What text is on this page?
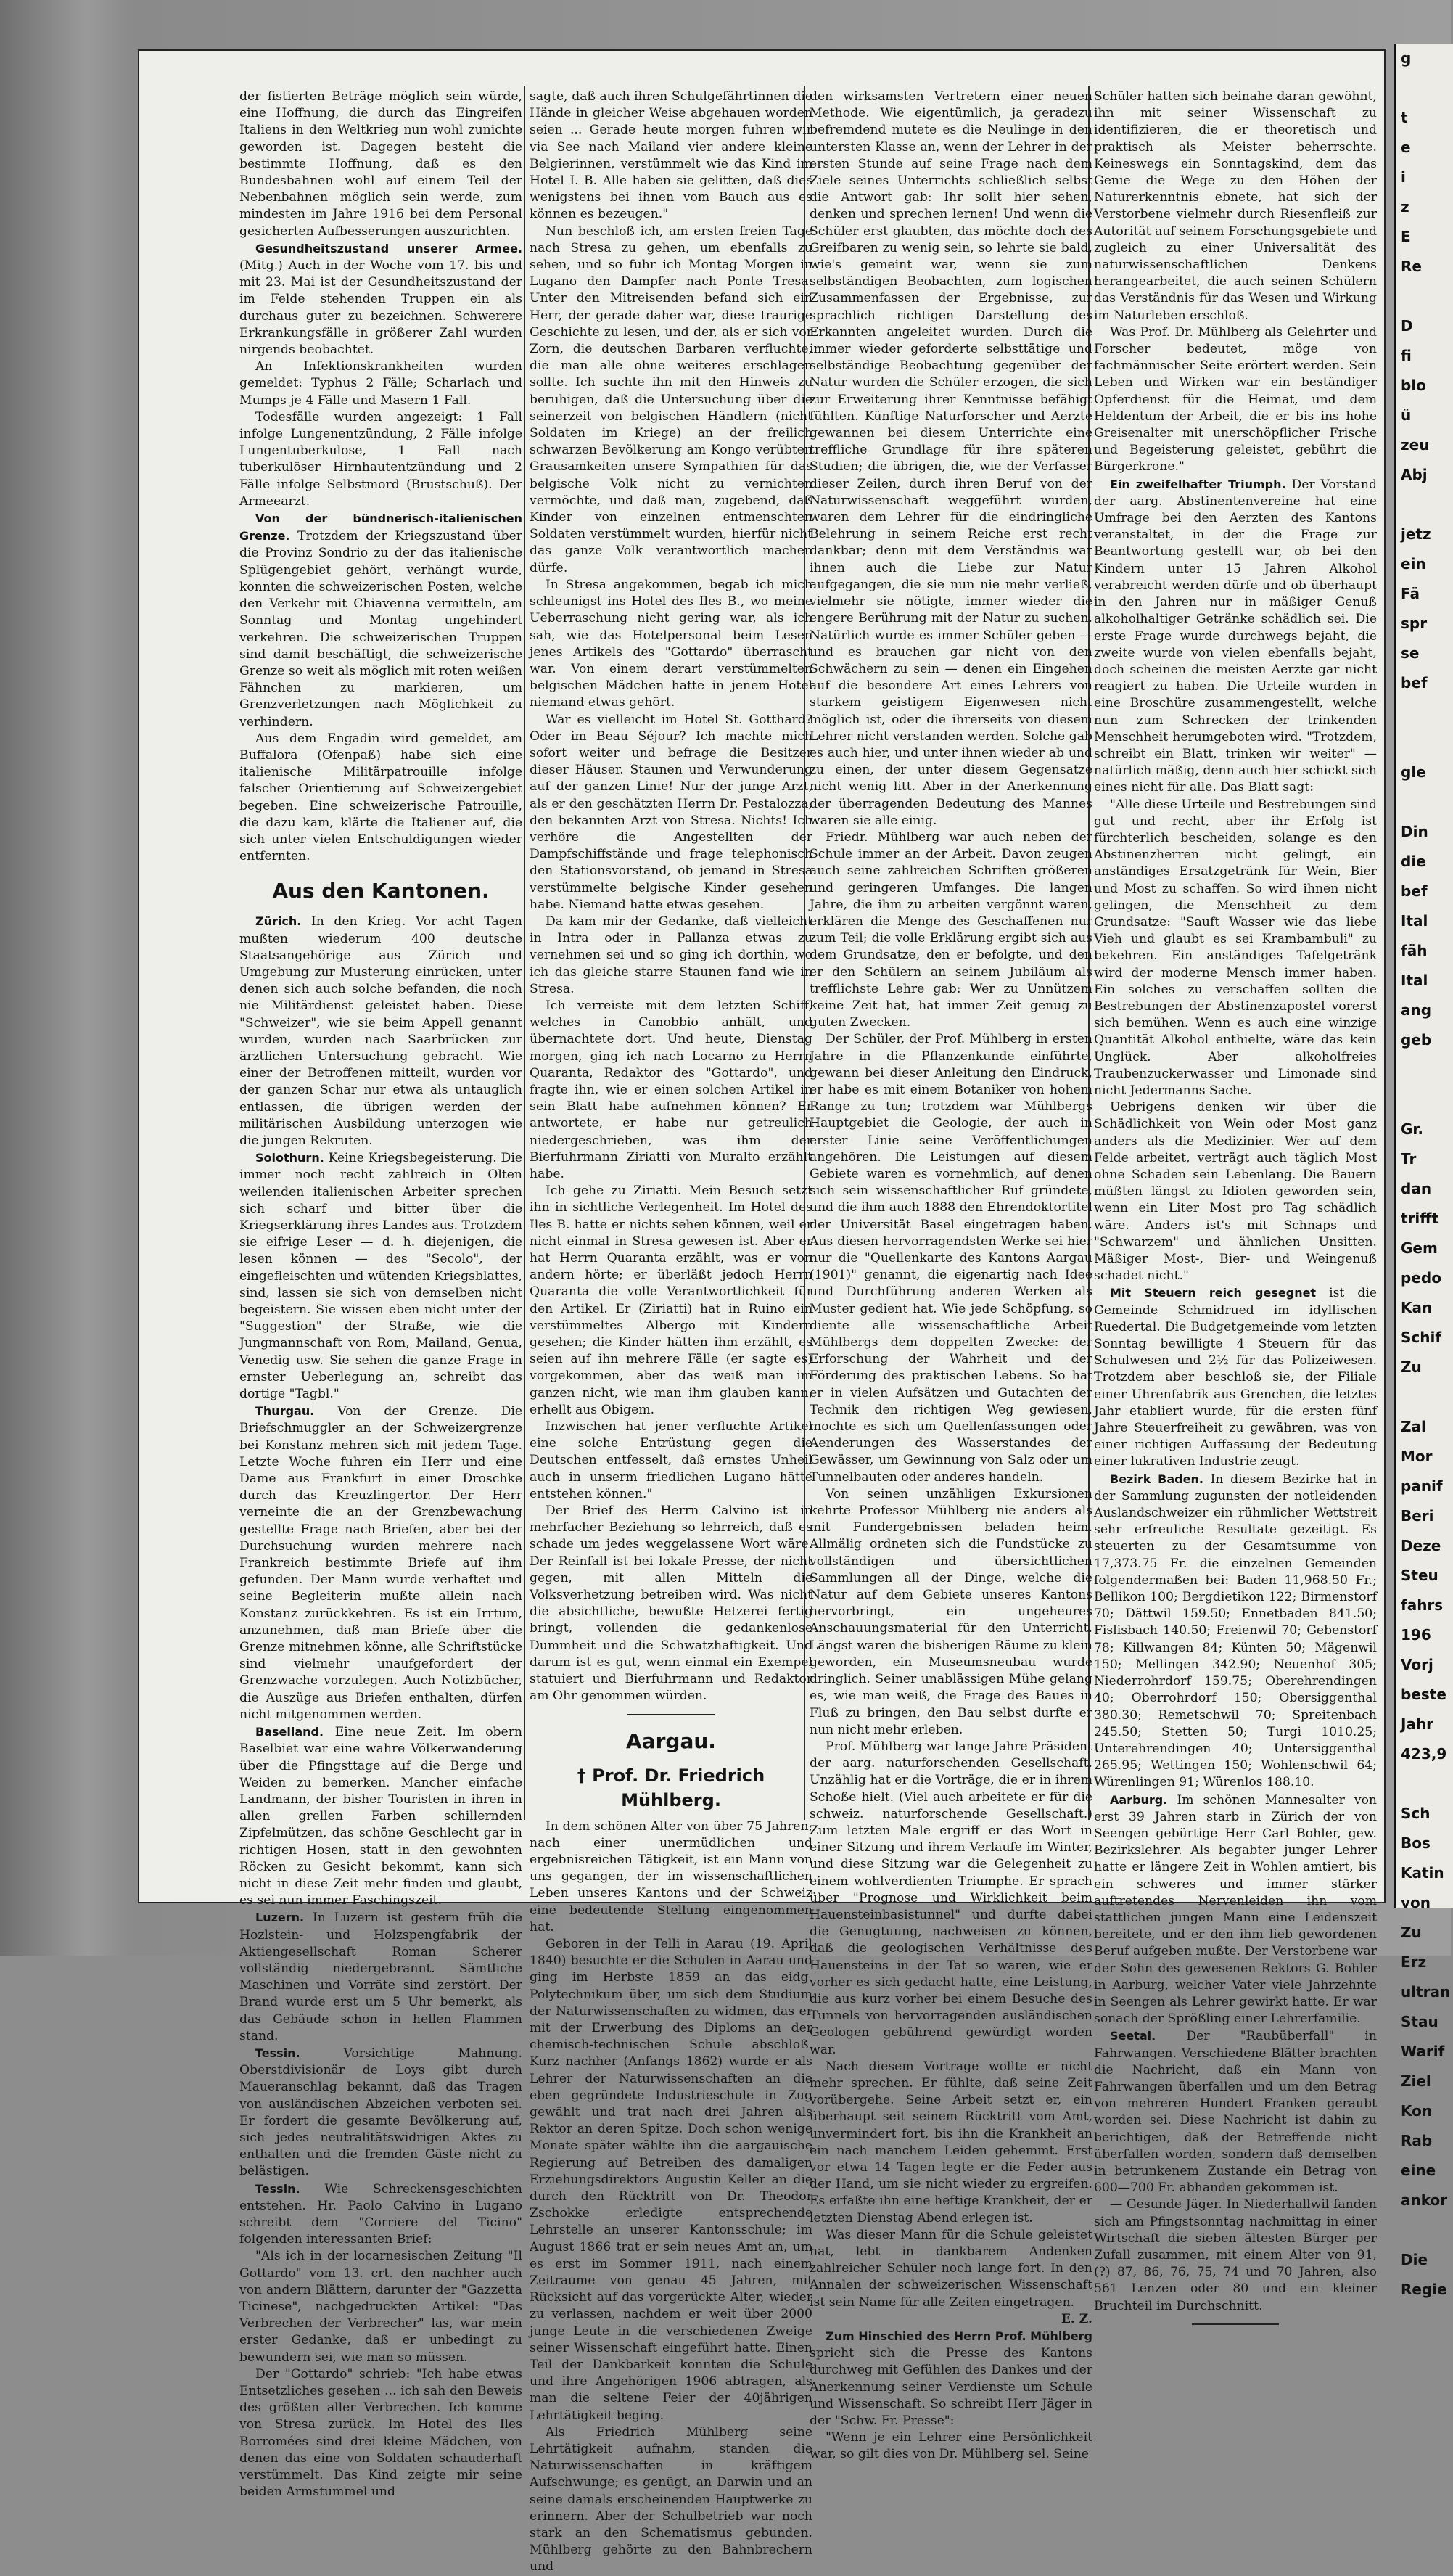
g

t
e
i
z
E
Re

D
fi
blo
ü
zeu
Abj

jetz
ein
Fä
spr
se
bef

gle

Din
die
bef
Ital
fäh
Ital
ang
geb

Gr.
Tr
dan
trifft
Gem
pedo
Kan
Schif
Zu

Zal
Mor
panif
Beri
Deze
Steu
fahrs
196
Vorj
beste
Jahr
423,9

Sch
Bos
Katin
von
Zu
Erz
ultran
Stau
Warif
Ziel
Kon
Rab
eine
ankor

Die
Regie

der fistierten Beträge möglich sein würde, eine Hoffnung, die durch das Eingreifen Italiens in den Weltkrieg nun wohl zunichte geworden ist. Dagegen besteht die bestimmte Hoffnung, daß es den Bundesbahnen wohl auf einem Teil der Nebenbahnen möglich sein werde, zum mindesten im Jahre 1916 bei dem Personal gesicherten Aufbesserungen auszurichten.

Gesundheitszustand unserer Armee. (Mitg.) Auch in der Woche vom 17. bis und mit 23. Mai ist der Gesundheitszustand der im Felde stehenden Truppen ein als durchaus guter zu bezeichnen. Schwerere Erkrankungsfälle in größerer Zahl wurden nirgends beobachtet.

An Infektionskrankheiten wurden gemeldet: Typhus 2 Fälle; Scharlach und Mumps je 4 Fälle und Masern 1 Fall.

Todesfälle wurden angezeigt: 1 Fall infolge Lungenentzündung, 2 Fälle infolge Lungentuberkulose, 1 Fall nach tuberkulöser Hirnhautentzündung und 2 Fälle infolge Selbstmord (Brustschuß). Der Armeearzt.

Von der bündnerisch-italienischen Grenze. Trotzdem der Kriegszustand über die Provinz Sondrio zu der das italienische Splügengebiet gehört, verhängt wurde, konnten die schweizerischen Posten, welche den Verkehr mit Chiavenna vermitteln, am Sonntag und Montag ungehindert verkehren. Die schweizerischen Truppen sind damit beschäftigt, die schweizerische Grenze so weit als möglich mit roten weißen Fähnchen zu markieren, um Grenzverletzungen nach Möglichkeit zu verhindern.

Aus dem Engadin wird gemeldet, am Buffalora (Ofenpaß) habe sich eine italienische Militärpatrouille infolge falscher Orientierung auf Schweizergebiet begeben. Eine schweizerische Patrouille, die dazu kam, klärte die Italiener auf, die sich unter vielen Entschuldigungen wieder entfernten.

Aus den Kantonen.

Zürich. In den Krieg. Vor acht Tagen mußten wiederum 400 deutsche Staatsangehörige aus Zürich und Umgebung zur Musterung einrücken, unter denen sich auch solche befanden, die noch nie Militärdienst geleistet haben. Diese "Schweizer", wie sie beim Appell genannt wurden, wurden nach Saarbrücken zur ärztlichen Untersuchung gebracht. Wie einer der Betroffenen mitteilt, wurden vor der ganzen Schar nur etwa als untauglich entlassen, die übrigen werden der militärischen Ausbildung unterzogen wie die jungen Rekruten.

Solothurn. Keine Kriegsbegeisterung. Die immer noch recht zahlreich in Olten weilenden italienischen Arbeiter sprechen sich scharf und bitter über die Kriegserklärung ihres Landes aus. Trotzdem sie eifrige Leser — d. h. diejenigen, die lesen können — des "Secolo", der eingefleischten und wütenden Kriegsblattes, sind, lassen sie sich von demselben nicht begeistern. Sie wissen eben nicht unter der "Suggestion" der Straße, wie die Jungmannschaft von Rom, Mailand, Genua, Venedig usw. Sie sehen die ganze Frage in ernster Ueberlegung an, schreibt das dortige "Tagbl."

Thurgau. Von der Grenze. Die Briefschmuggler an der Schweizergrenze bei Konstanz mehren sich mit jedem Tage. Letzte Woche fuhren ein Herr und eine Dame aus Frankfurt in einer Droschke durch das Kreuzlingertor. Der Herr verneinte die an der Grenzbewachung gestellte Frage nach Briefen, aber bei der Durchsuchung wurden mehrere nach Frankreich bestimmte Briefe auf ihm gefunden. Der Mann wurde verhaftet und seine Begleiterin mußte allein nach Konstanz zurückkehren. Es ist ein Irrtum, anzunehmen, daß man Briefe über die Grenze mitnehmen könne, alle Schriftstücke sind vielmehr unaufgefordert der Grenzwache vorzulegen. Auch Notizbücher, die Auszüge aus Briefen enthalten, dürfen nicht mitgenommen werden.

Baselland. Eine neue Zeit. Im obern Baselbiet war eine wahre Völkerwanderung über die Pfingsttage auf die Berge und Weiden zu bemerken. Mancher einfache Landmann, der bisher Touristen in ihren in allen grellen Farben schillernden Zipfelmützen, das schöne Geschlecht gar in richtigen Hosen, statt in den gewohnten Röcken zu Gesicht bekommt, kann sich nicht in diese Zeit mehr finden und glaubt, es sei nun immer Faschingszeit.

Luzern. In Luzern ist gestern früh die Hozlstein- und Holzspengfabrik der Aktiengesellschaft Roman Scherer vollständig niedergebrannt. Sämtliche Maschinen und Vorräte sind zerstört. Der Brand wurde erst um 5 Uhr bemerkt, als das Gebäude schon in hellen Flammen stand.

Tessin.	Vorsichtige Mahnung. Oberstdivisionär de Loys gibt durch Maueranschlag bekannt, daß das Tragen von ausländischen Abzeichen verboten sei. Er fordert die gesamte Bevölkerung auf, sich jedes neutralitätswidrigen Aktes zu enthalten und die fremden Gäste nicht zu belästigen.

Tessin. Wie Schreckensgeschichten entstehen. Hr. Paolo Calvino in Lugano schreibt dem "Corriere del Ticino" folgenden interessanten Brief:

"Als ich in der locarnesischen Zeitung "Il Gottardo" vom 13. crt. den nachher auch von andern Blättern, darunter der "Gazzetta Ticinese", nachgedruckten Artikel: "Das Verbrechen der Verbrecher" las, war mein erster Gedanke, daß er unbedingt zu bewundern sei, wie man so müssen.

Der "Gottardo" schrieb: "Ich habe etwas Entsetzliches gesehen ... ich sah den Beweis des größten aller Verbrechen. Ich komme von Stresa zurück. Im Hotel des Iles Borromées sind drei kleine Mädchen, von denen das eine von Soldaten schauderhaft verstümmelt. Das Kind zeigte mir seine beiden Armstummel und

sagte, daß auch ihren Schulgefährtinnen die Hände in gleicher Weise abgehauen worden seien ... Gerade heute morgen fuhren wir via See nach Mailand vier andere kleine Belgierinnen, verstümmelt wie das Kind im Hotel I. B. Alle haben sie gelitten, daß dies wenigstens bei ihnen vom Bauch aus es können es bezeugen."

Nun beschloß ich, am ersten freien Tage nach Stresa zu gehen, um ebenfalls zu sehen, und so fuhr ich Montag Morgen in Lugano den Dampfer nach Ponte Tresa. Unter den Mitreisenden befand sich ein Herr, der gerade daher war, diese traurige Geschichte zu lesen, und der, als er sich vor Zorn, die deutschen Barbaren verfluchte, die man alle ohne weiteres erschlagen sollte. Ich suchte ihn mit den Hinweis zu beruhigen, daß die Untersuchung über die seinerzeit von belgischen Händlern (nicht Soldaten im Kriege) an der freilich schwarzen Bevölkerung am Kongo verübten Grausamkeiten unsere Sympathien für das belgische Volk nicht zu vernichten vermöchte, und daß man, zugebend, daß Kinder von einzelnen entmenschten Soldaten verstümmelt wurden, hierfür nicht das ganze Volk verantwortlich machen dürfe.

In Stresa angekommen, begab ich mich schleunigst ins Hotel des Iles B., wo meine Ueberraschung nicht gering war, als ich sah, wie das Hotelpersonal beim Lesen jenes Artikels des "Gottardo" überrascht war. Von einem derart verstümmelten belgischen Mädchen hatte in jenem Hotel niemand etwas gehört.

War es vielleicht im Hotel St. Gotthard? Oder im Beau Séjour? Ich machte mich sofort weiter und befrage die Besitzer dieser Häuser. Staunen und Verwunderung auf der ganzen Linie! Nur der junge Arzt, als er den geschätzten Herrn Dr. Pestalozza, den bekannten Arzt von Stresa. Nichts! Ich verhöre die Angestellten der Dampfschiffstände und frage telephonisch den Stationsvorstand, ob jemand in Stresa verstümmelte belgische Kinder gesehen habe. Niemand hatte etwas gesehen.

Da kam mir der Gedanke, daß vielleicht in Intra oder in Pallanza etwas zu vernehmen sei und so ging ich dorthin, wo ich das gleiche starre Staunen fand wie in Stresa.

Ich verreiste mit dem letzten Schiff, welches in Canobbio anhält, und übernachtete dort. Und heute, Dienstag morgen, ging ich nach Locarno zu Herrn Quaranta, Redaktor des "Gottardo", und fragte ihn, wie er einen solchen Artikel in sein Blatt habe aufnehmen können? Er antwortete, er habe nur getreulich niedergeschrieben, was ihm der Bierfuhrmann Ziriatti von Muralto erzählt habe.

Ich gehe zu Ziriatti. Mein Besuch setzt ihn in sichtliche Verlegenheit. Im Hotel des Iles B. hatte er nichts sehen können, weil er nicht einmal in Stresa gewesen ist. Aber er hat Herrn Quaranta erzählt, was er von andern hörte; er überläßt jedoch Herrn Quaranta die volle Verantwortlichkeit für den Artikel. Er (Ziriatti) hat in Ruino ein verstümmeltes Albergo mit Kindern gesehen; die Kinder hätten ihm erzählt, es seien auf ihn mehrere Fälle (er sagte es) vorgekommen, aber das weiß man im ganzen nicht, wie man ihm glauben kann, erhellt aus Obigem.

Inzwischen hat jener verfluchte Artikel eine solche Entrüstung gegen die Deutschen entfesselt, daß ernstes Unheil auch in unserm friedlichen Lugano hätte entstehen können."

Der Brief des Herrn Calvino ist in mehrfacher Beziehung so lehrreich, daß es schade um jedes weggelassene Wort wäre. Der Reinfall ist bei lokale Presse, der nicht gegen, mit allen Mitteln die Volksverhetzung betreiben wird. Was nicht die absichtliche, bewußte Hetzerei fertig bringt, vollenden die gedankenlose Dummheit und die Schwatzhaftigkeit. Und darum ist es gut, wenn einmal ein Exempel statuiert und Bierfuhrmann und Redaktor am Ohr genommen würden.

Aargau.
† Prof. Dr. Friedrich Mühlberg.

In dem schönen Alter von über 75 Jahren, nach einer unermüdlichen und ergebnisreichen Tätigkeit, ist ein Mann von uns gegangen, der im wissenschaftlichen Leben unseres Kantons und der Schweiz eine bedeutende Stellung eingenommen hat.

Geboren in der Telli in Aarau (19. April 1840) besuchte er die Schulen in Aarau und ging im Herbste 1859 an das eidg. Polytechnikum über, um sich dem Studium der Naturwissenschaften zu widmen, das er mit der Erwerbung des Diploms an der chemisch-technischen Schule abschloß. Kurz nachher (Anfangs 1862) wurde er als Lehrer der Naturwissenschaften an die eben gegründete Industrieschule in Zug gewählt und trat nach drei Jahren als Rektor an deren Spitze. Doch schon wenige Monate später wählte ihn die aargauische Regierung auf Betreiben des damaligen Erziehungsdirektors Augustin Keller an die durch den Rücktritt von Dr. Theodor Zschokke erledigte entsprechende Lehrstelle an unserer Kantonsschule; im August 1866 trat er sein neues Amt an, um es erst im Sommer 1911, nach einem Zeitraume von genau 45 Jahren, mit Rücksicht auf das vorgerückte Alter, wieder zu verlassen, nachdem er weit über 2000 junge Leute in die verschiedenen Zweige seiner Wissenschaft eingeführt hatte. Einen Teil der Dankbarkeit konnten die Schule und ihre Angehörigen 1906 abtragen, als man die seltene Feier der 40jährigen Lehrtätigkeit beging.

Als Friedrich Mühlberg seine Lehrtätigkeit aufnahm, standen die Naturwissenschaften in kräftigem Aufschwunge; es genügt, an Darwin und an seine damals erscheinenden Hauptwerke zu erinnern. Aber der Schulbetrieb war noch stark an den Schematismus gebunden. Mühlberg gehörte zu den Bahnbrechern und

den wirksamsten Vertretern einer neuen Methode. Wie eigentümlich, ja geradezu befremdend mutete es die Neulinge in den untersten Klasse an, wenn der Lehrer in der ersten Stunde auf seine Frage nach dem Ziele seines Unterrichts schließlich selbst die Antwort gab: Ihr sollt hier sehen, denken und sprechen lernen! Und wenn die Schüler erst glaubten, das möchte doch des Greifbaren zu wenig sein, so lehrte sie bald, wie's gemeint war, wenn sie zum selbständigen Beobachten, zum logischen Zusammenfassen der Ergebnisse, zur sprachlich richtigen Darstellung des Erkannten angeleitet wurden. Durch die immer wieder geforderte selbsttätige und selbständige Beobachtung gegenüber der Natur wurden die Schüler erzogen, die sich zur Erweiterung ihrer Kenntnisse befähigt fühlten. Künftige Naturforscher und Aerzte gewannen bei diesem Unterrichte eine treffliche Grundlage für ihre späteren Studien; die übrigen, die, wie der Verfasser dieser Zeilen, durch ihren Beruf von der Naturwissenschaft weggeführt wurden, waren dem Lehrer für die eindringliche Belehrung in seinem Reiche erst recht dankbar; denn mit dem Verständnis war ihnen auch die Liebe zur Natur aufgegangen, die sie nun nie mehr verließ, vielmehr sie nötigte, immer wieder die engere Berührung mit der Natur zu suchen. Natürlich wurde es immer Schüler geben — und es brauchen gar nicht von den Schwächern zu sein — denen ein Eingehen auf die besondere Art eines Lehrers von starkem geistigem Eigenwesen nicht möglich ist, oder die ihrerseits von diesem Lehrer nicht verstanden werden. Solche gab es auch hier, und unter ihnen wieder ab und zu einen, der unter diesem Gegensatze nicht wenig litt. Aber in der Anerkennung der überragenden Bedeutung des Mannes waren sie alle einig.

Friedr. Mühlberg war auch neben der Schule immer an der Arbeit. Davon zeugen auch seine zahlreichen Schriften größeren und geringeren Umfanges. Die langen Jahre, die ihm zu arbeiten vergönnt waren, erklären die Menge des Geschaffenen nur zum Teil; die volle Erklärung ergibt sich aus dem Grundsatze, den er befolgte, und den er den Schülern an seinem Jubiläum als trefflichste Lehre gab: Wer zu Unnützem keine Zeit hat, hat immer Zeit genug zu guten Zwecken.

Der Schüler, der Prof. Mühlberg in ersten Jahre in die Pflanzenkunde einführte, gewann bei dieser Anleitung den Eindruck, er habe es mit einem Botaniker von hohem Range zu tun; trotzdem war Mühlbergs Hauptgebiet die Geologie, der auch in erster Linie seine Veröffentlichungen angehören. Die Leistungen auf diesem Gebiete waren es vornehmlich, auf denen sich sein wissenschaftlicher Ruf gründete, und die ihm auch 1888 den Ehrendoktortitel der Universität Basel eingetragen haben. Aus diesen hervorragendsten Werke sei hier nur die "Quellenkarte des Kantons Aargau (1901)" genannt, die eigenartig nach Idee und Durchführung anderen Werken als Muster gedient hat. Wie jede Schöpfung, so diente alle wissenschaftliche Arbeit Mühlbergs dem doppelten Zwecke: der Erforschung der Wahrheit und der Förderung des praktischen Lebens. So hat er in vielen Aufsätzen und Gutachten der Technik den richtigen Weg gewiesen, mochte es sich um Quellenfassungen oder Aenderungen des Wasserstandes der Gewässer, um Gewinnung von Salz oder um Tunnelbauten oder anderes handeln.

Von seinen unzähligen Exkursionen kehrte Professor Mühlberg nie anders als mit Fundergebnissen beladen heim. Allmälig ordneten sich die Fundstücke zu vollständigen und übersichtlichen Sammlungen all der Dinge, welche die Natur auf dem Gebiete unseres Kantons hervorbringt, ein ungeheures Anschauungsmaterial für den Unterricht. Längst waren die bisherigen Räume zu klein geworden, ein Museumsneubau wurde dringlich. Seiner unablässigen Mühe gelang es, wie man weiß, die Frage des Baues in Fluß zu bringen, den Bau selbst durfte er nun nicht mehr erleben.

Prof. Mühlberg war lange Jahre Präsident der aarg. naturforschenden Gesellschaft. Unzählig hat er die Vorträge, die er in ihrem Schoße hielt. (Viel auch arbeitete er für die schweiz. naturforschende Gesellschaft.) Zum letzten Male ergriff er das Wort in einer Sitzung und ihrem Verlaufe im Winter, und diese Sitzung war die Gelegenheit zu einem wohlverdienten Triumphe. Er sprach über "Prognose und Wirklichkeit beim Hauensteinbasistunnel" und durfte dabei die Genugtuung, nachweisen zu können, daß die geologischen Verhältnisse des Hauensteins in der Tat so waren, wie er vorher es sich gedacht hatte, eine Leistung, die aus kurz vorher bei einem Besuche des Tunnels von hervorragenden ausländischen Geologen gebührend gewürdigt worden war.

Nach diesem Vortrage wollte er nicht mehr sprechen. Er fühlte, daß seine Zeit vorübergehe. Seine Arbeit setzt er, ein überhaupt seit seinem Rücktritt vom Amt, unvermindert fort, bis ihn die Krankheit an ein nach manchem Leiden gehemmt. Erst vor etwa 14 Tagen legte er die Feder aus der Hand, um sie nicht wieder zu ergreifen. Es erfaßte ihn eine heftige Krankheit, der er letzten Dienstag Abend erlegen ist.

Was dieser Mann für die Schule geleistet hat, lebt in dankbarem Andenken zahlreicher Schüler noch lange fort. In den Annalen der schweizerischen Wissenschaft ist sein Name für alle Zeiten eingetragen.

E. Z.

Zum Hinschied des Herrn Prof. Mühlberg spricht sich die Presse des Kantons durchweg mit Gefühlen des Dankes und der Anerkennung seiner Verdienste um Schule und Wissenschaft. So schreibt Herr Jäger in der "Schw. Fr. Presse":

"Wenn je ein Lehrer eine Persönlichkeit war, so gilt dies von Dr. Mühlberg sel. Seine

Schüler hatten sich beinahe daran gewöhnt, ihn mit seiner Wissenschaft zu identifizieren, die er theoretisch und praktisch als Meister beherrschte. Keineswegs ein Sonntagskind, dem das Genie die Wege zu den Höhen der Naturerkenntnis ebnete, hat sich der Verstorbene vielmehr durch Riesenfleiß zur Autorität auf seinem Forschungsgebiete und zugleich zu einer Universalität des naturwissenschaftlichen Denkens herangearbeitet, die auch seinen Schülern das Verständnis für das Wesen und Wirkung im Naturleben erschloß.

Was Prof. Dr. Mühlberg als Gelehrter und Forscher bedeutet, möge von fachmännischer Seite erörtert werden. Sein Leben und Wirken war ein beständiger Opferdienst für die Heimat, und dem Heldentum der Arbeit, die er bis ins hohe Greisenalter mit unerschöpflicher Frische und Begeisterung geleistet, gebührt die Bürgerkrone."

Ein zweifelhafter Triumph. Der Vorstand der aarg. Abstinentenvereine hat eine Umfrage bei den Aerzten des Kantons veranstaltet, in der die Frage zur Beantwortung gestellt war, ob bei den Kindern unter 15 Jahren Alkohol verabreicht werden dürfe und ob überhaupt in den Jahren nur in mäßiger Genuß alkoholhaltiger Getränke schädlich sei. Die erste Frage wurde durchwegs bejaht, die zweite wurde von vielen ebenfalls bejaht, doch scheinen die meisten Aerzte gar nicht reagiert zu haben. Die Urteile wurden in eine Broschüre zusammengestellt, welche nun zum Schrecken der trinkenden Menschheit herumgeboten wird. "Trotzdem, schreibt ein Blatt, trinken wir weiter" — natürlich mäßig, denn auch hier schickt sich eines nicht für alle. Das Blatt sagt:

"Alle diese Urteile und Bestrebungen sind gut und recht, aber ihr Erfolg ist fürchterlich bescheiden, solange es den Abstinenzherren nicht gelingt, ein anständiges Ersatzgetränk für Wein, Bier und Most zu schaffen. So wird ihnen nicht gelingen, die Menschheit zu dem Grundsatze: "Sauft Wasser wie das liebe Vieh und glaubt es sei Krambambuli" zu bekehren. Ein anständiges Tafelgetränk wird der moderne Mensch immer haben. Ein solches zu verschaffen sollten die Bestrebungen der Abstinenzapostel vorerst sich bemühen. Wenn es auch eine winzige Quantität Alkohol enthielte, wäre das kein Unglück. Aber alkoholfreies Traubenzuckerwasser und Limonade sind nicht Jedermanns Sache.

Uebrigens denken wir über die Schädlichkeit von Wein oder Most ganz anders als die Medizinier. Wer auf dem Felde arbeitet, verträgt auch täglich Most ohne Schaden sein Lebenlang. Die Bauern müßten längst zu Idioten geworden sein, wenn ein Liter Most pro Tag schädlich wäre. Anders ist's mit Schnaps und "Schwarzem" und ähnlichen Unsitten. Mäßiger Most-, Bier- und Weingenuß schadet nicht."

Mit Steuern reich gesegnet ist die Gemeinde Schmidrued im idyllischen Ruedertal. Die Budgetgemeinde vom letzten Sonntag bewilligte 4 Steuern für das Schulwesen und 2½ für das Polizeiwesen. Trotzdem aber beschloß sie, der Filiale einer Uhrenfabrik aus Grenchen, die letztes Jahr etabliert wurde, für die ersten fünf Jahre Steuerfreiheit zu gewähren, was von einer richtigen Auffassung der Bedeutung einer lukrativen Industrie zeugt.

Bezirk Baden. In diesem Bezirke hat in der Sammlung zugunsten der notleidenden Auslandschweizer ein rühmlicher Wettstreit sehr erfreuliche Resultate gezeitigt. Es steuerten zu der Gesamtsumme von 17,373.75 Fr. die einzelnen Gemeinden folgendermaßen bei: Baden 11,968.50 Fr.; Bellikon 100; Bergdietikon 122; Birmenstorf 70; Dättwil 159.50; Ennetbaden 841.50; Fislisbach 140.50; Freienwil 70; Gebenstorf 78; Killwangen 84; Künten 50; Mägenwil 150; Mellingen 342.90; Neuenhof 305; Niederrohrdorf 159.75; Oberehrendingen 40; Oberrohrdorf 150; Obersiggenthal 380.30; Remetschwil 70; Spreitenbach 245.50; Stetten 50; Turgi 1010.25; Unterehrendingen 40; Untersiggenthal 265.95; Wettingen 150; Wohlenschwil 64; Würenlingen 91; Würenlos 188.10.

Aarburg. Im schönen Mannesalter von erst 39 Jahren starb in Zürich der von Seengen gebürtige Herr Carl Bohler, gew. Bezirkslehrer. Als begabter junger Lehrer hatte er längere Zeit in Wohlen amtiert, bis ein schweres und immer stärker auftretendes Nervenleiden ihn vom stattlichen jungen Mann eine Leidenszeit bereitete, und er den ihm lieb gewordenen Beruf aufgeben mußte. Der Verstorbene war der Sohn des gewesenen Rektors G. Bohler in Aarburg, welcher Vater viele Jahrzehnte in Seengen als Lehrer gewirkt hatte. Er war sonach der Sprößling einer Lehrerfamilie.

Seetal. Der "Raubüberfall" in Fahrwangen. Verschiedene Blätter brachten die Nachricht, daß ein Mann von Fahrwangen überfallen und um den Betrag von mehreren Hundert Franken geraubt worden sei. Diese Nachricht ist dahin zu berichtigen, daß der Betreffende nicht überfallen worden, sondern daß demselben in betrunkenem Zustande ein Betrag von 600—700 Fr. abhanden gekommen ist.

— Gesunde Jäger. In Niederhallwil fanden sich am Pfingstsonntag nachmittag in einer Wirtschaft die sieben ältesten Bürger per Zufall zusammen, mit einem Alter von 91, (?) 87, 86, 76, 75, 74 und 70 Jahren, also 561 Lenzen oder 80 und ein kleiner Bruchteil im Durchschnitt.
